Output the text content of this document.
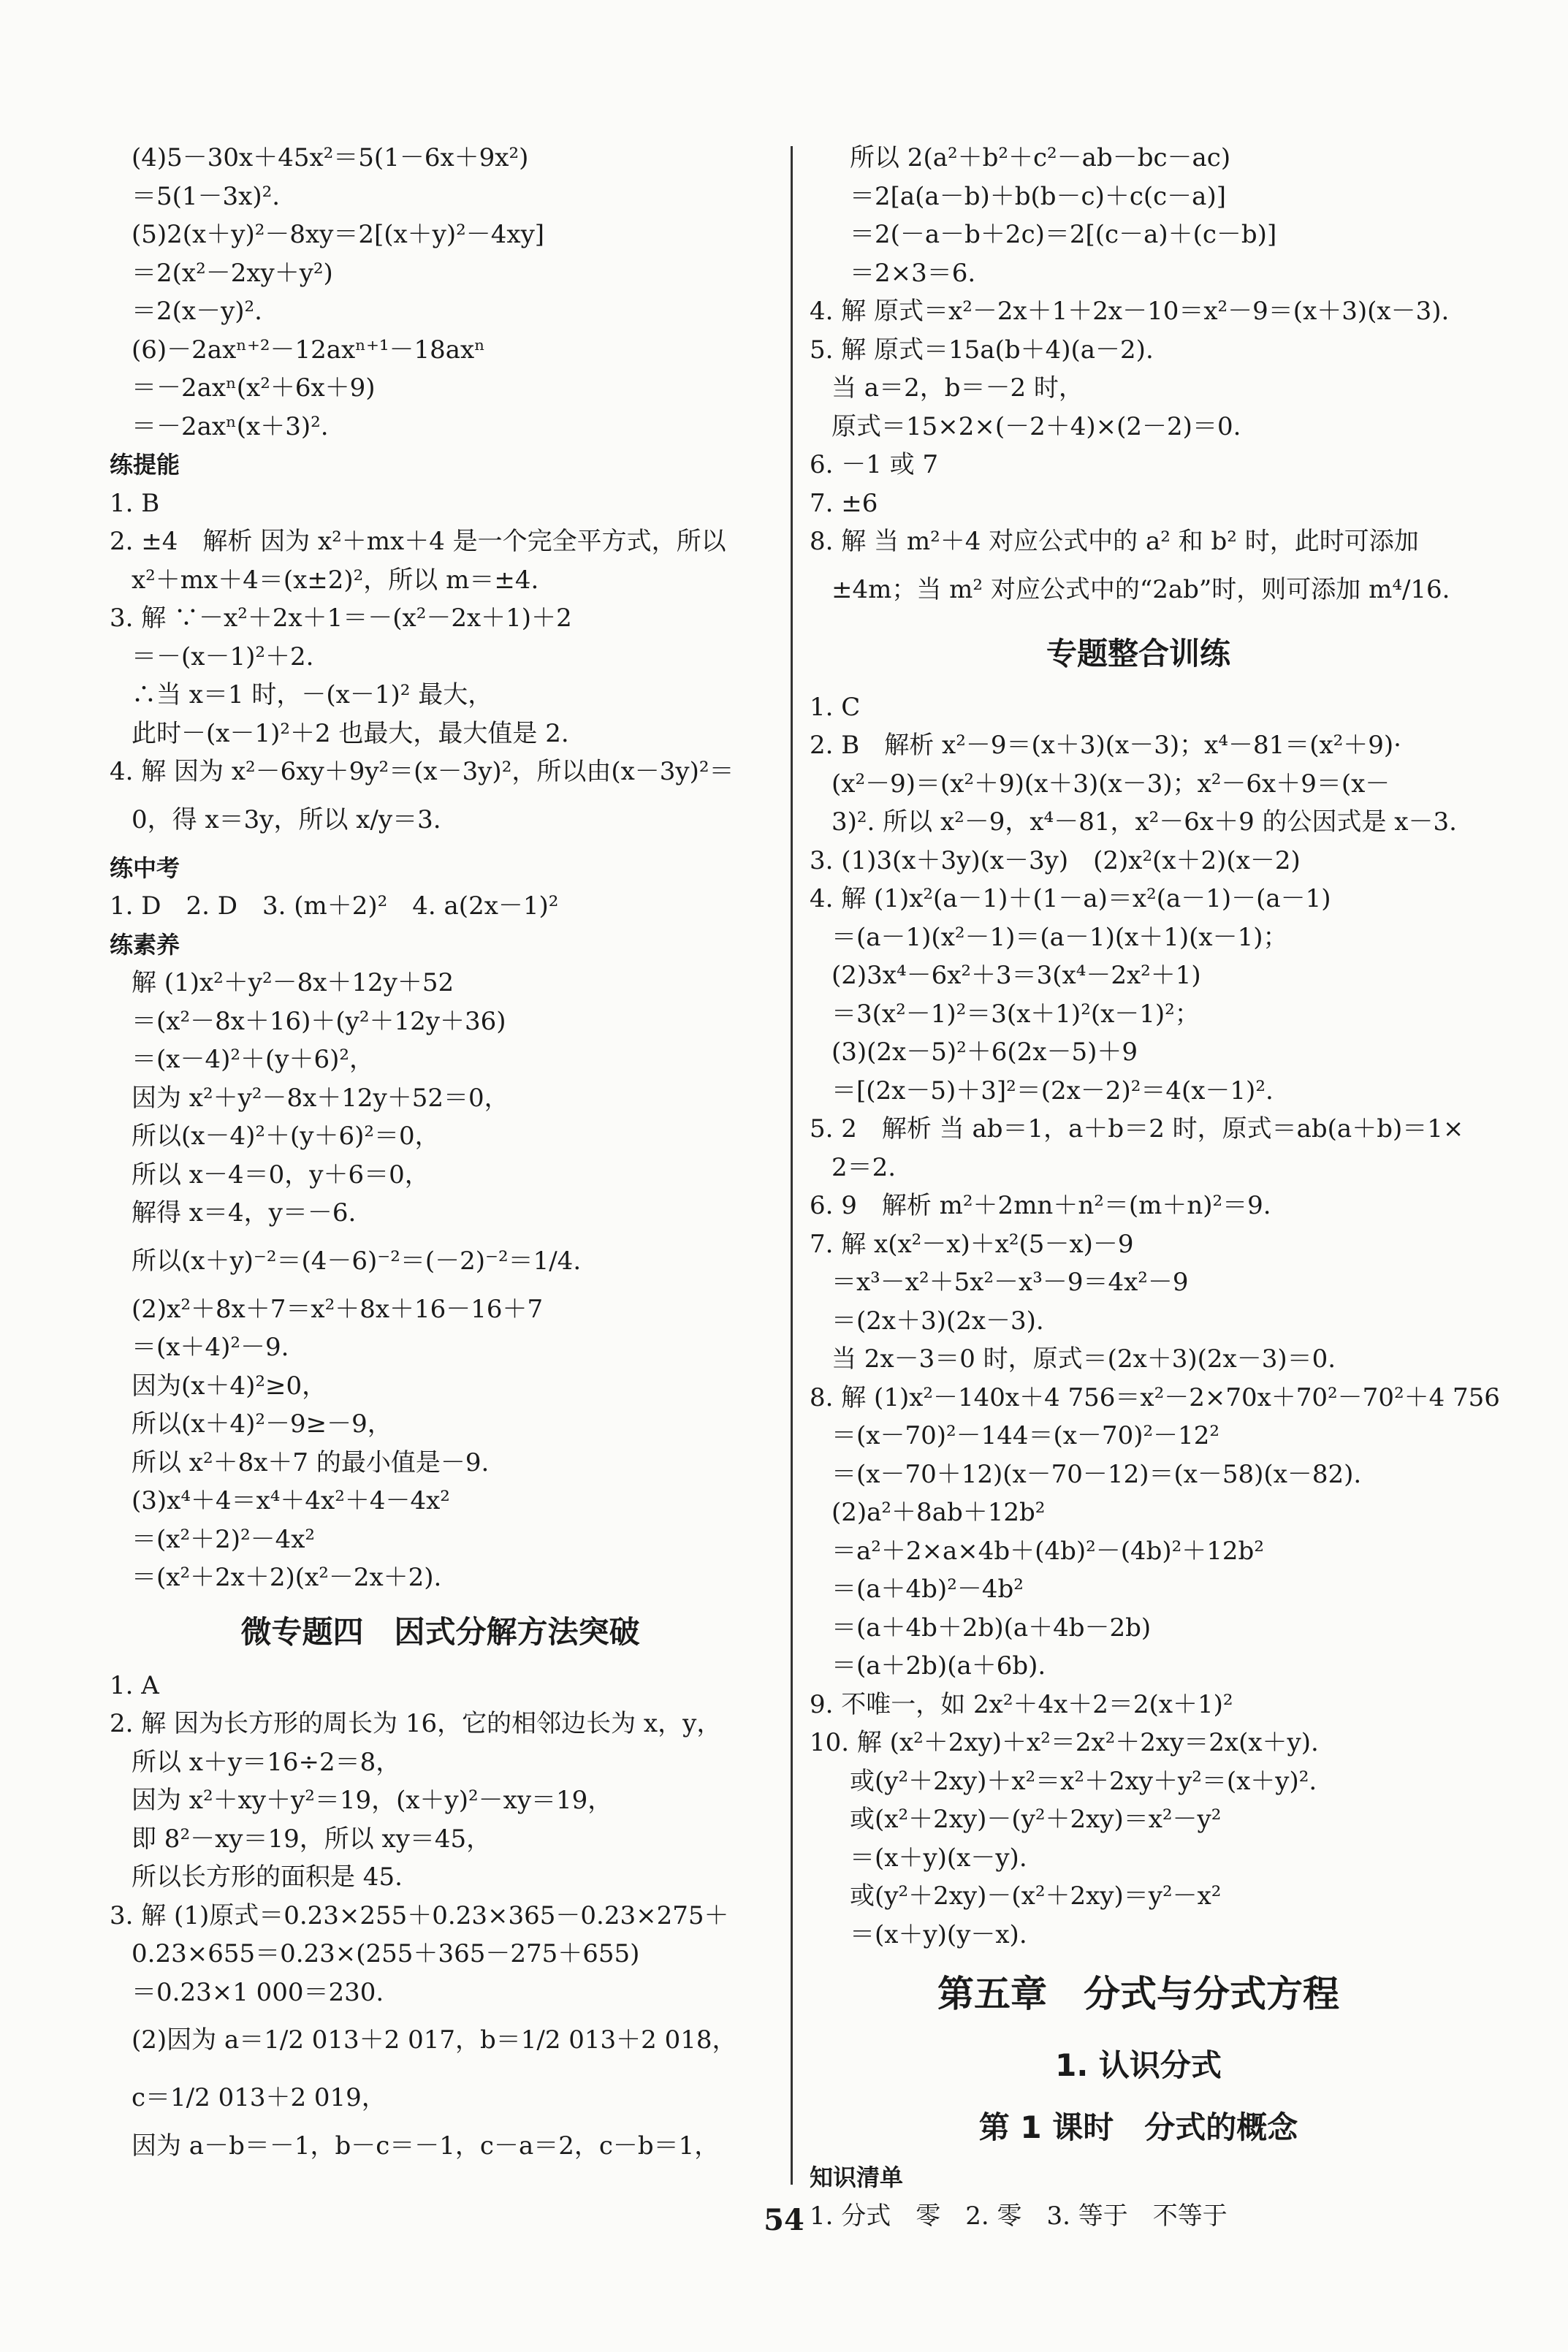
(4)5－30x＋45x²＝5(1－6x＋9x²)
＝5(1－3x)².
(5)2(x＋y)²－8xy＝2[(x＋y)²－4xy]
＝2(x²－2xy＋y²)
＝2(x－y)².
(6)－2axⁿ⁺²－12axⁿ⁺¹－18axⁿ
＝－2axⁿ(x²＋6x＋9)
＝－2axⁿ(x＋3)².
练提能
1. B
2. ±4　解析 因为 x²＋mx＋4 是一个完全平方式，所以
x²＋mx＋4＝(x±2)²，所以 m＝±4.
3. 解 ∵－x²＋2x＋1＝－(x²－2x＋1)＋2
＝－(x－1)²＋2.
∴当 x＝1 时，－(x－1)² 最大，
此时－(x－1)²＋2 也最大，最大值是 2.
4. 解 因为 x²－6xy＋9y²＝(x－3y)²，所以由(x－3y)²＝
0，得 x＝3y，所以 x/y＝3.
练中考
1. D　2. D　3. (m＋2)²　4. a(2x－1)²
练素养
解 (1)x²＋y²－8x＋12y＋52
＝(x²－8x＋16)＋(y²＋12y＋36)
＝(x－4)²＋(y＋6)²，
因为 x²＋y²－8x＋12y＋52＝0，
所以(x－4)²＋(y＋6)²＝0，
所以 x－4＝0，y＋6＝0，
解得 x＝4，y＝－6.
所以(x＋y)⁻²＝(4－6)⁻²＝(－2)⁻²＝1/4.
(2)x²＋8x＋7＝x²＋8x＋16－16＋7
＝(x＋4)²－9.
因为(x＋4)²≥0，
所以(x＋4)²－9≥－9，
所以 x²＋8x＋7 的最小值是－9.
(3)x⁴＋4＝x⁴＋4x²＋4－4x²
＝(x²＋2)²－4x²
＝(x²＋2x＋2)(x²－2x＋2).
微专题四　因式分解方法突破
1. A
2. 解 因为长方形的周长为 16，它的相邻边长为 x，y，
所以 x＋y＝16÷2＝8，
因为 x²＋xy＋y²＝19，(x＋y)²－xy＝19，
即 8²－xy＝19，所以 xy＝45，
所以长方形的面积是 45.
3. 解 (1)原式＝0.23×255＋0.23×365－0.23×275＋
0.23×655＝0.23×(255＋365－275＋655)
＝0.23×1 000＝230.
(2)因为 a＝1/2 013＋2 017，b＝1/2 013＋2 018，
c＝1/2 013＋2 019，
因为 a－b＝－1，b－c＝－1，c－a＝2，c－b＝1，
所以 2(a²＋b²＋c²－ab－bc－ac)
＝2[a(a－b)＋b(b－c)＋c(c－a)]
＝2(－a－b＋2c)＝2[(c－a)＋(c－b)]
＝2×3＝6.
4. 解 原式＝x²－2x＋1＋2x－10＝x²－9＝(x＋3)(x－3).
5. 解 原式＝15a(b＋4)(a－2).
当 a＝2，b＝－2 时，
原式＝15×2×(－2＋4)×(2－2)＝0.
6. －1 或 7
7. ±6
8. 解 当 m²＋4 对应公式中的 a² 和 b² 时，此时可添加
±4m；当 m² 对应公式中的“2ab”时，则可添加 m⁴/16.
专题整合训练
1. C
2. B　解析 x²－9＝(x＋3)(x－3)；x⁴－81＝(x²＋9)·
(x²－9)＝(x²＋9)(x＋3)(x－3)；x²－6x＋9＝(x－
3)². 所以 x²－9，x⁴－81，x²－6x＋9 的公因式是 x－3.
3. (1)3(x＋3y)(x－3y)　(2)x²(x＋2)(x－2)
4. 解 (1)x²(a－1)＋(1－a)＝x²(a－1)－(a－1)
＝(a－1)(x²－1)＝(a－1)(x＋1)(x－1)；
(2)3x⁴－6x²＋3＝3(x⁴－2x²＋1)
＝3(x²－1)²＝3(x＋1)²(x－1)²；
(3)(2x－5)²＋6(2x－5)＋9
＝[(2x－5)＋3]²＝(2x－2)²＝4(x－1)².
5. 2　解析 当 ab＝1，a＋b＝2 时，原式＝ab(a＋b)＝1×
2＝2.
6. 9　解析 m²＋2mn＋n²＝(m＋n)²＝9.
7. 解 x(x²－x)＋x²(5－x)－9
＝x³－x²＋5x²－x³－9＝4x²－9
＝(2x＋3)(2x－3).
当 2x－3＝0 时，原式＝(2x＋3)(2x－3)＝0.
8. 解 (1)x²－140x＋4 756＝x²－2×70x＋70²－70²＋4 756
＝(x－70)²－144＝(x－70)²－12²
＝(x－70＋12)(x－70－12)＝(x－58)(x－82).
(2)a²＋8ab＋12b²
＝a²＋2×a×4b＋(4b)²－(4b)²＋12b²
＝(a＋4b)²－4b²
＝(a＋4b＋2b)(a＋4b－2b)
＝(a＋2b)(a＋6b).
9. 不唯一，如 2x²＋4x＋2＝2(x＋1)²
10. 解 (x²＋2xy)＋x²＝2x²＋2xy＝2x(x＋y).
或(y²＋2xy)＋x²＝x²＋2xy＋y²＝(x＋y)².
或(x²＋2xy)－(y²＋2xy)＝x²－y²
＝(x＋y)(x－y).
或(y²＋2xy)－(x²＋2xy)＝y²－x²
＝(x＋y)(y－x).
第五章　分式与分式方程
1. 认识分式
第 1 课时　分式的概念
知识清单
1. 分式　零　2. 零　3. 等于　不等于
54
